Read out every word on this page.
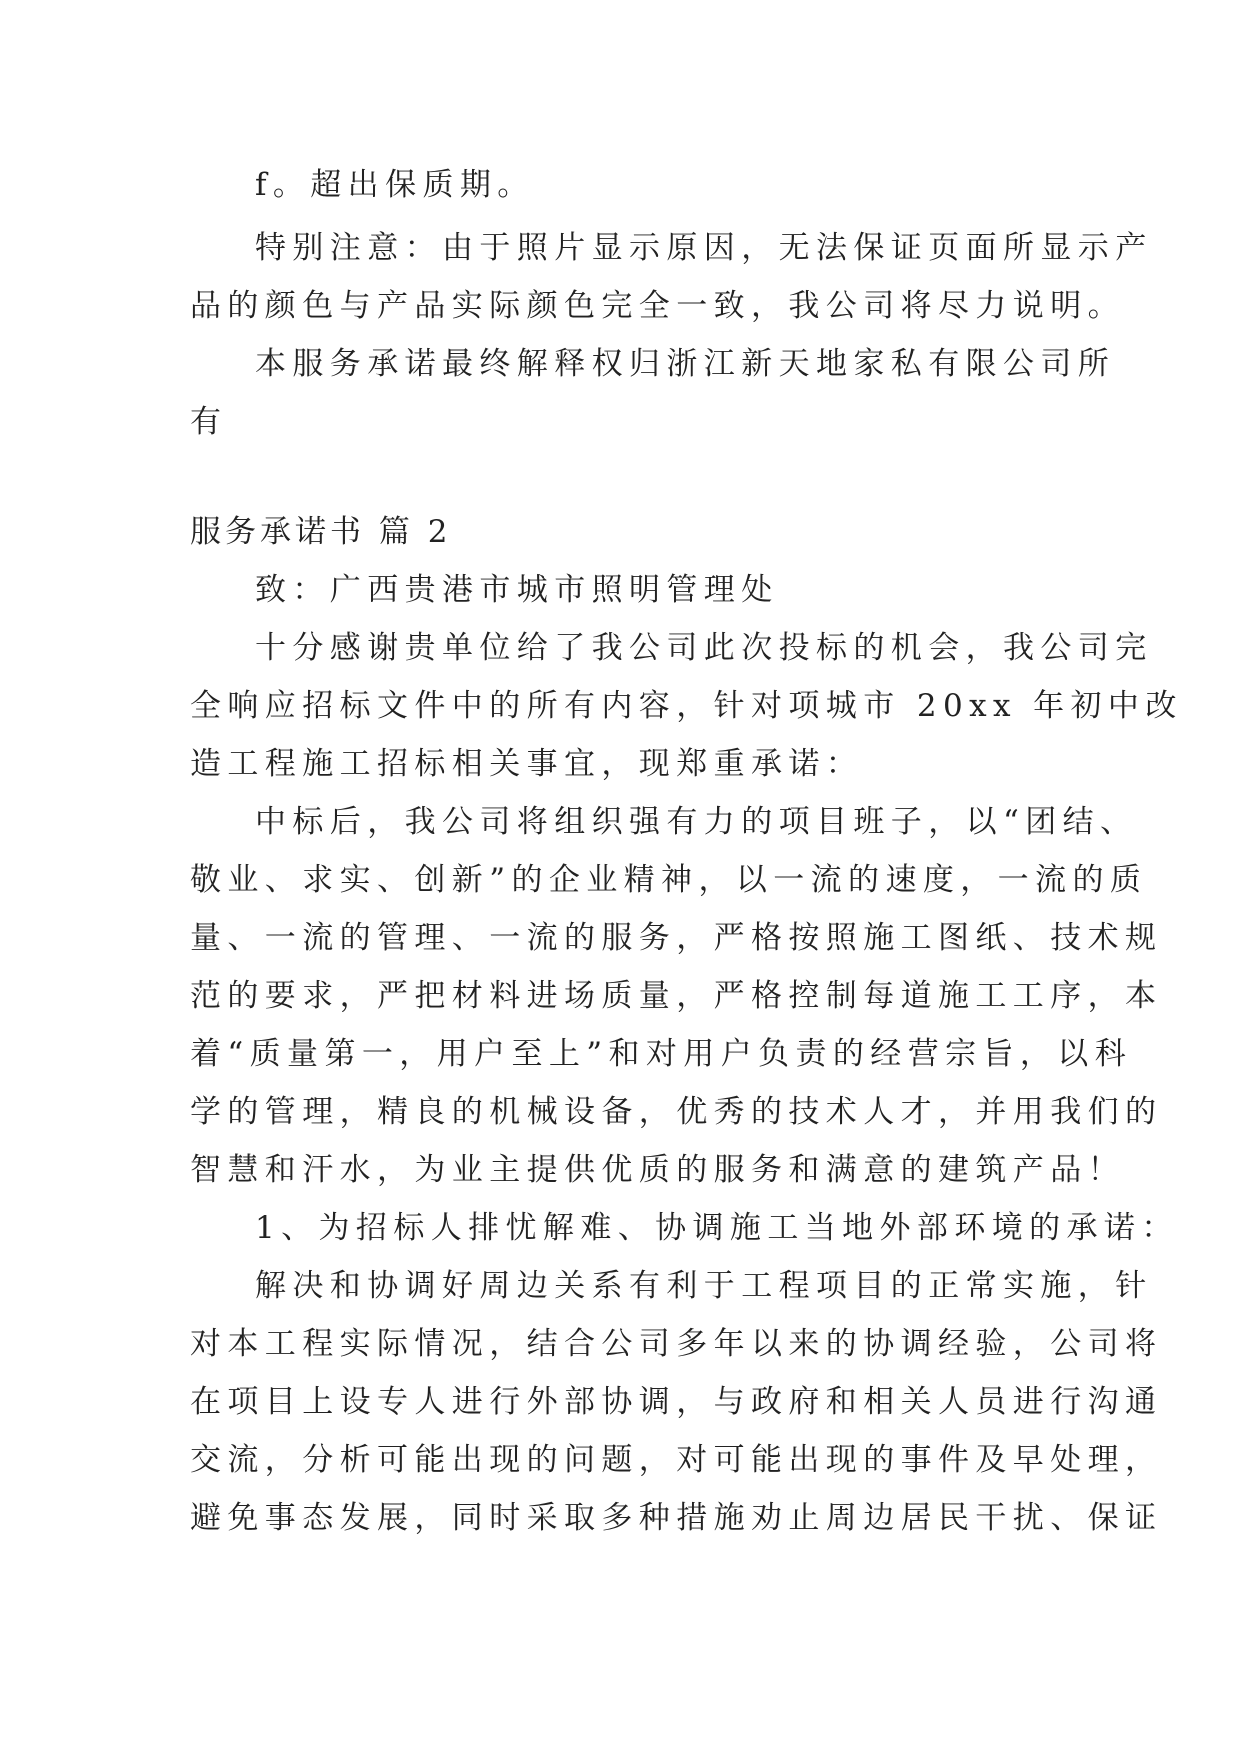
f。超出保质期。
特别注意：由于照片显示原因，无法保证页面所显示产
品的颜色与产品实际颜色完全一致，我公司将尽力说明。
本服务承诺最终解释权归浙江新天地家私有限公司所
有
服务承诺书 篇 2
致：广西贵港市城市照明管理处
十分感谢贵单位给了我公司此次投标的机会，我公司完
全响应招标文件中的所有内容，针对项城市 20xx 年初中改
造工程施工招标相关事宜，现郑重承诺：
中标后，我公司将组织强有力的项目班子，以“团结、
敬业、求实、创新”的企业精神，以一流的速度，一流的质
量、一流的管理、一流的服务，严格按照施工图纸、技术规
范的要求，严把材料进场质量，严格控制每道施工工序，本
着“质量第一，用户至上”和对用户负责的经营宗旨，以科
学的管理，精良的机械设备，优秀的技术人才，并用我们的
智慧和汗水，为业主提供优质的服务和满意的建筑产品！
1、为招标人排忧解难、协调施工当地外部环境的承诺：
解决和协调好周边关系有利于工程项目的正常实施，针
对本工程实际情况，结合公司多年以来的协调经验，公司将
在项目上设专人进行外部协调，与政府和相关人员进行沟通
交流，分析可能出现的问题，对可能出现的事件及早处理，
避免事态发展，同时采取多种措施劝止周边居民干扰、保证
